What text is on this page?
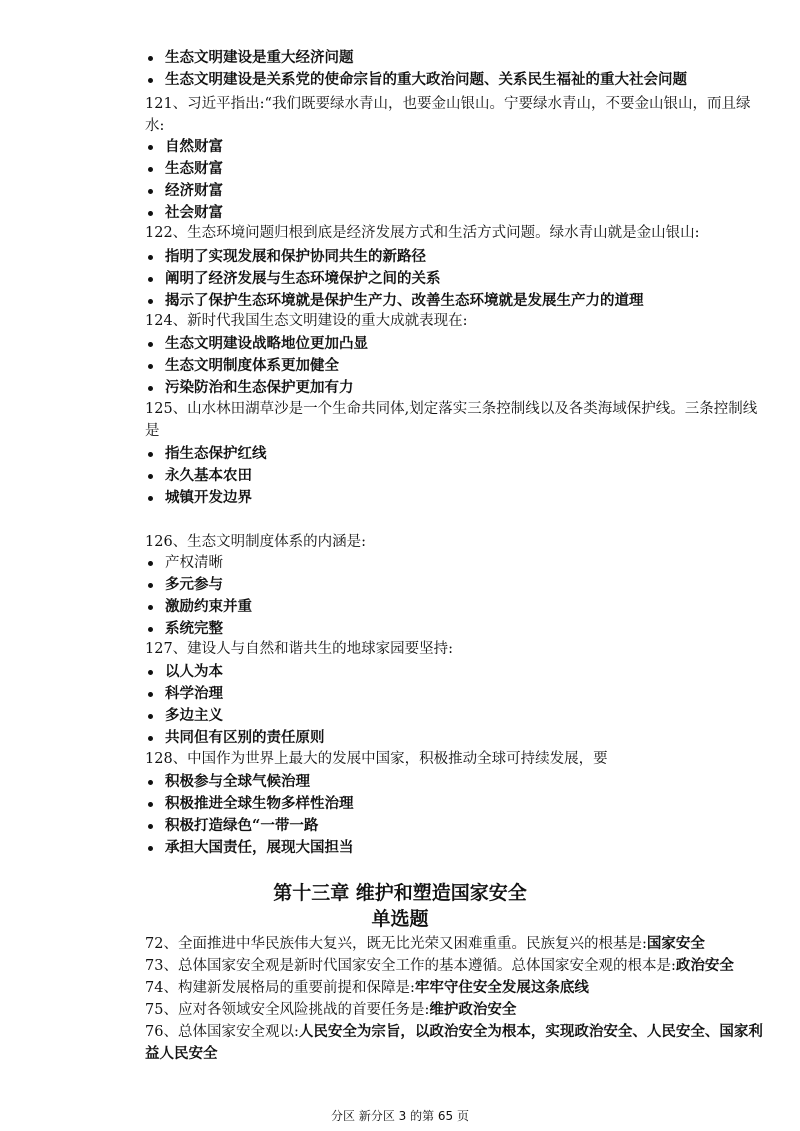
生态文明建设是重大经济问题
生态文明建设是关系党的使命宗旨的重大政治问题、关系民生福祉的重大社会问题
121、习近平指出:“我们既要绿水青山，也要金山银山。宁要绿水青山，不要金山银山，而且绿水:
自然财富
生态财富
经济财富
社会财富
122、生态环境问题归根到底是经济发展方式和生活方式问题。绿水青山就是金山银山:
指明了实现发展和保护协同共生的新路径
阐明了经济发展与生态环境保护之间的关系
揭示了保护生态环境就是保护生产力、改善生态环境就是发展生产力的道理
124、新时代我国生态文明建设的重大成就表现在:
生态文明建设战略地位更加凸显
生态文明制度体系更加健全
污染防治和生态保护更加有力
125、山水林田湖草沙是一个生命共同体,划定落实三条控制线以及各类海域保护线。三条控制线是
指生态保护红线
永久基本农田
城镇开发边界
126、生态文明制度体系的内涵是:
产权清晰
多元参与
激励约束并重
系统完整
127、建设人与自然和谐共生的地球家园要坚持:
以人为本
科学治理
多边主义
共同但有区别的责任原则
128、中国作为世界上最大的发展中国家，积极推动全球可持续发展，要
积极参与全球气候治理
积极推进全球生物多样性治理
积极打造绿色“一带一路
承担大国责任，展现大国担当
第十三章 维护和塑造国家安全
单选题
72、全面推进中华民族伟大复兴，既无比光荣又困难重重。民族复兴的根基是:国家安全
73、总体国家安全观是新时代国家安全工作的基本遵循。总体国家安全观的根本是:政治安全
74、构建新发展格局的重要前提和保障是:牢牢守住安全发展这条底线
75、应对各领域安全风险挑战的首要任务是:维护政治安全
76、总体国家安全观以:人民安全为宗旨，以政治安全为根本，实现政治安全、人民安全、国家利益人民安全
分区 新分区 3 的第 65 页
